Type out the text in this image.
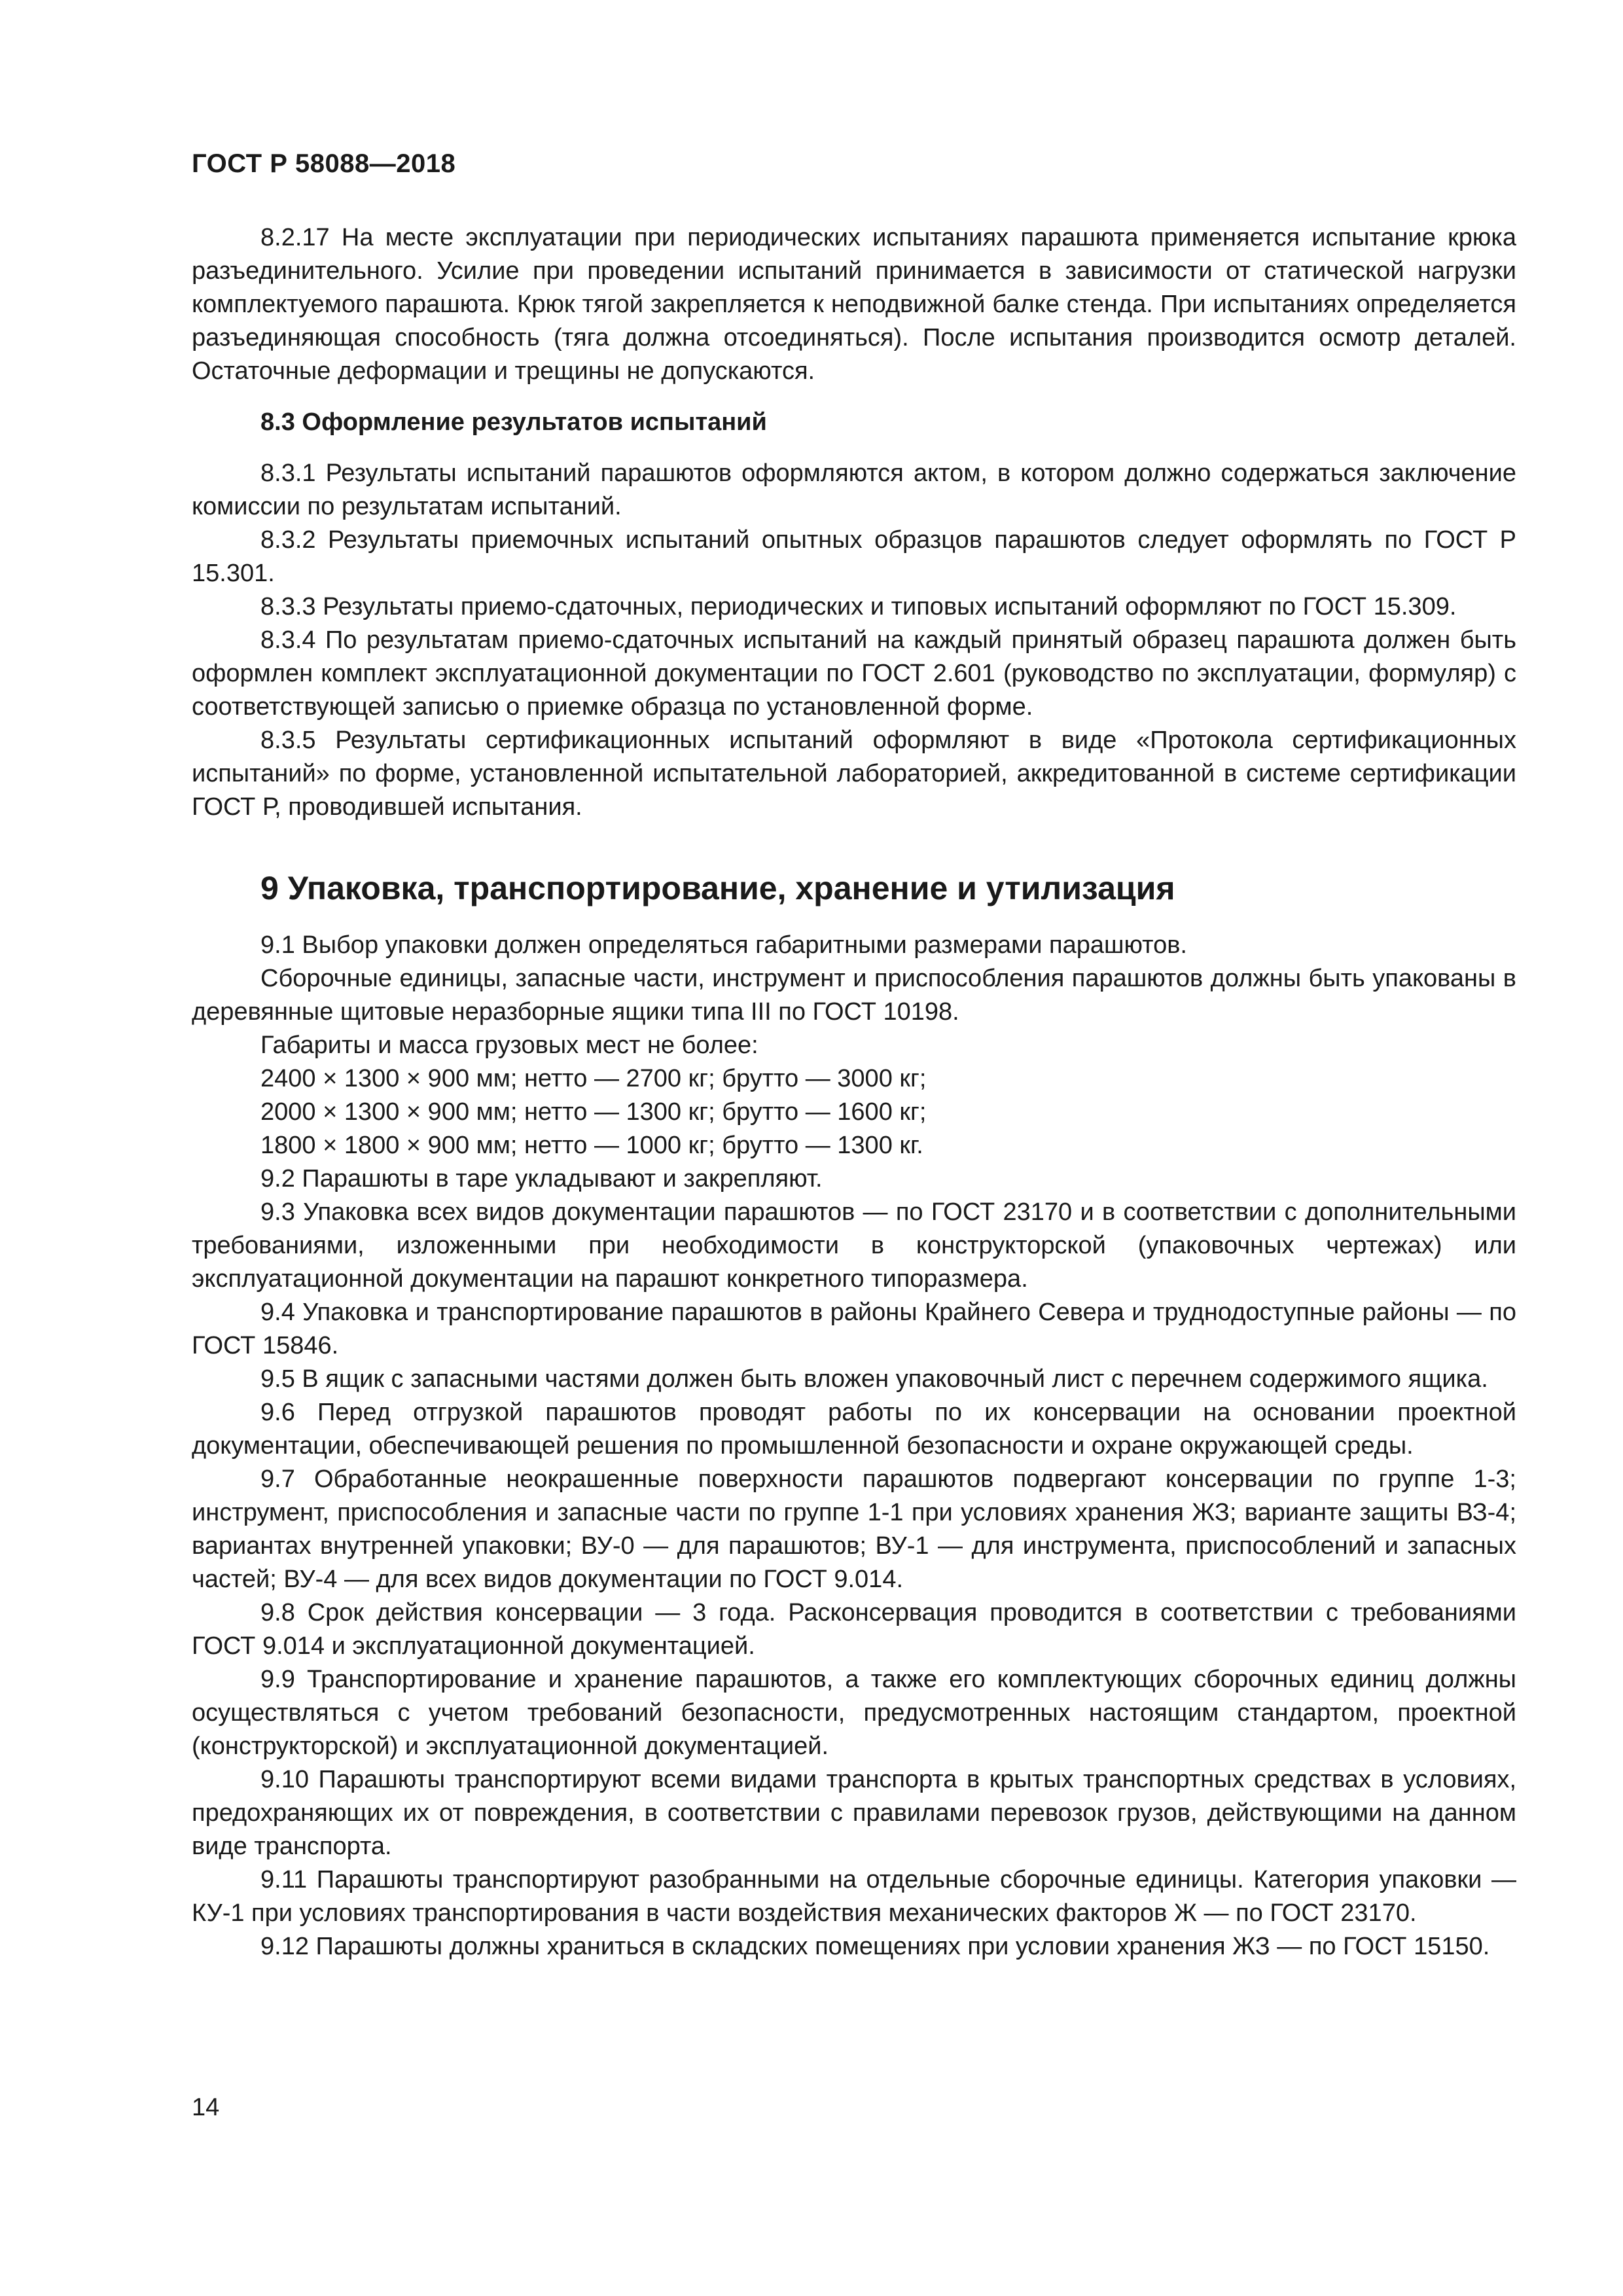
ГОСТ Р 58088—2018

8.2.17 На месте эксплуатации при периодических испытаниях парашюта применяется испытание крюка разъединительного. Усилие при проведении испытаний принимается в зависимости от статической нагрузки комплектуемого парашюта. Крюк тягой закрепляется к неподвижной балке стенда. При испытаниях определяется разъединяющая способность (тяга должна отсоединяться). После испытания производится осмотр деталей. Остаточные деформации и трещины не допускаются.

8.3 Оформление результатов испытаний

8.3.1 Результаты испытаний парашютов оформляются актом, в котором должно содержаться заключение комиссии по результатам испытаний.

8.3.2 Результаты приемочных испытаний опытных образцов парашютов следует оформлять по ГОСТ Р 15.301.

8.3.3 Результаты приемо-сдаточных, периодических и типовых испытаний оформляют по ГОСТ 15.309.

8.3.4 По результатам приемо-сдаточных испытаний на каждый принятый образец парашюта должен быть оформлен комплект эксплуатационной документации по ГОСТ 2.601 (руководство по эксплуатации, формуляр) с соответствующей записью о приемке образца по установленной форме.

8.3.5 Результаты сертификационных испытаний оформляют в виде «Протокола сертификационных испытаний» по форме, установленной испытательной лабораторией, аккредитованной в системе сертификации ГОСТ Р, проводившей испытания.

9 Упаковка, транспортирование, хранение и утилизация

9.1 Выбор упаковки должен определяться габаритными размерами парашютов.

Сборочные единицы, запасные части, инструмент и приспособления парашютов должны быть упакованы в деревянные щитовые неразборные ящики типа III по ГОСТ 10198.

Габариты и масса грузовых мест не более:

2400 × 1300 × 900 мм; нетто — 2700 кг; брутто — 3000 кг;

2000 × 1300 × 900 мм; нетто — 1300 кг; брутто — 1600 кг;

1800 × 1800 × 900 мм; нетто — 1000 кг; брутто — 1300 кг.

9.2 Парашюты в таре укладывают и закрепляют.

9.3 Упаковка всех видов документации парашютов — по ГОСТ 23170 и в соответствии с дополнительными требованиями, изложенными при необходимости в конструкторской (упаковочных чертежах) или эксплуатационной документации на парашют конкретного типоразмера.

9.4 Упаковка и транспортирование парашютов в районы Крайнего Севера и труднодоступные районы — по ГОСТ 15846.

9.5 В ящик с запасными частями должен быть вложен упаковочный лист с перечнем содержимого ящика.

9.6 Перед отгрузкой парашютов проводят работы по их консервации на основании проектной документации, обеспечивающей решения по промышленной безопасности и охране окружающей среды.

9.7 Обработанные неокрашенные поверхности парашютов подвергают консервации по группе 1-3; инструмент, приспособления и запасные части по группе 1-1 при условиях хранения ЖЗ; варианте защиты ВЗ-4; вариантах внутренней упаковки; ВУ-0 — для парашютов; ВУ-1 — для инструмента, приспособлений и запасных частей; ВУ-4 — для всех видов документации по ГОСТ 9.014.

9.8 Срок действия консервации — 3 года. Расконсервация проводится в соответствии с требованиями ГОСТ 9.014 и эксплуатационной документацией.

9.9 Транспортирование и хранение парашютов, а также его комплектующих сборочных единиц должны осуществляться с учетом требований безопасности, предусмотренных настоящим стандартом, проектной (конструкторской) и эксплуатационной документацией.

9.10 Парашюты транспортируют всеми видами транспорта в крытых транспортных средствах в условиях, предохраняющих их от повреждения, в соответствии с правилами перевозок грузов, действующими на данном виде транспорта.

9.11 Парашюты транспортируют разобранными на отдельные сборочные единицы. Категория упаковки — КУ-1 при условиях транспортирования в части воздействия механических факторов Ж — по ГОСТ 23170.

9.12 Парашюты должны храниться в складских помещениях при условии хранения ЖЗ — по ГОСТ 15150.

14
